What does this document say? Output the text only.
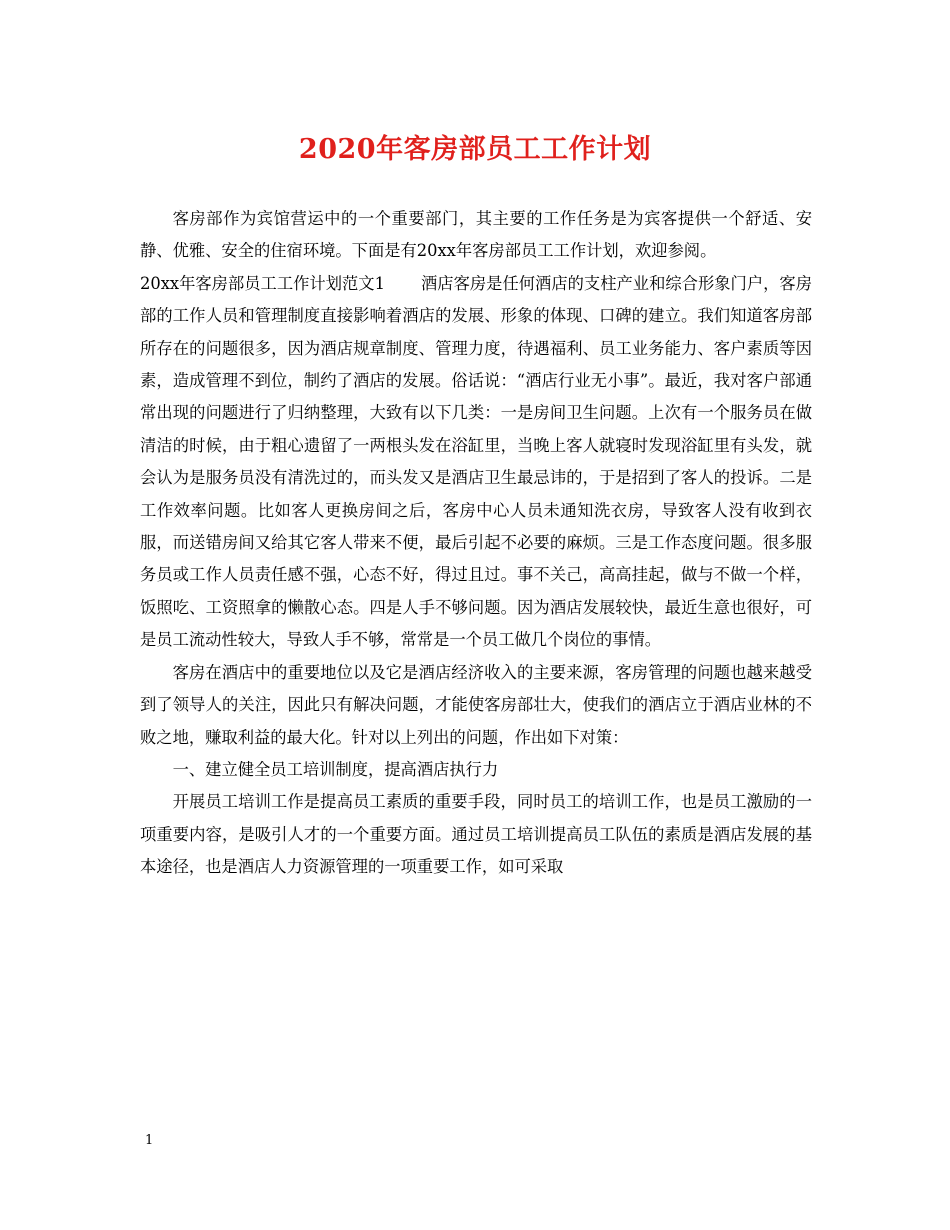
2020年客房部员工工作计划

客房部作为宾馆营运中的一个重要部门，其主要的工作任务是为宾客提供一个舒适、安静、优雅、安全的住宿环境。下面是有20xx年客房部员工工作计划，欢迎参阅。

20xx年客房部员工工作计划范文1 酒店客房是任何酒店的支柱产业和综合形象门户，客房部的工作人员和管理制度直接影响着酒店的发展、形象的体现、口碑的建立。我们知道客房部所存在的问题很多，因为酒店规章制度、管理力度，待遇福利、员工业务能力、客户素质等因素，造成管理不到位，制约了酒店的发展。俗话说：“酒店行业无小事”。最近，我对客户部通常出现的问题进行了归纳整理，大致有以下几类：一是房间卫生问题。上次有一个服务员在做清洁的时候，由于粗心遗留了一两根头发在浴缸里，当晚上客人就寝时发现浴缸里有头发，就会认为是服务员没有清洗过的，而头发又是酒店卫生最忌讳的，于是招到了客人的投诉。二是工作效率问题。比如客人更换房间之后，客房中心人员未通知洗衣房，导致客人没有收到衣服，而送错房间又给其它客人带来不便，最后引起不必要的麻烦。三是工作态度问题。很多服务员或工作人员责任感不强，心态不好，得过且过。事不关己，高高挂起，做与不做一个样，饭照吃、工资照拿的懒散心态。四是人手不够问题。因为酒店发展较快，最近生意也很好，可是员工流动性较大，导致人手不够，常常是一个员工做几个岗位的事情。

客房在酒店中的重要地位以及它是酒店经济收入的主要来源，客房管理的问题也越来越受到了领导人的关注，因此只有解决问题，才能使客房部壮大，使我们的酒店立于酒店业林的不败之地，赚取利益的最大化。针对以上列出的问题，作出如下对策：

一、建立健全员工培训制度，提高酒店执行力

开展员工培训工作是提高员工素质的重要手段，同时员工的培训工作，也是员工激励的一项重要内容，是吸引人才的一个重要方面。通过员工培训提高员工队伍的素质是酒店发展的基本途径，也是酒店人力资源管理的一项重要工作，如可采取

1
